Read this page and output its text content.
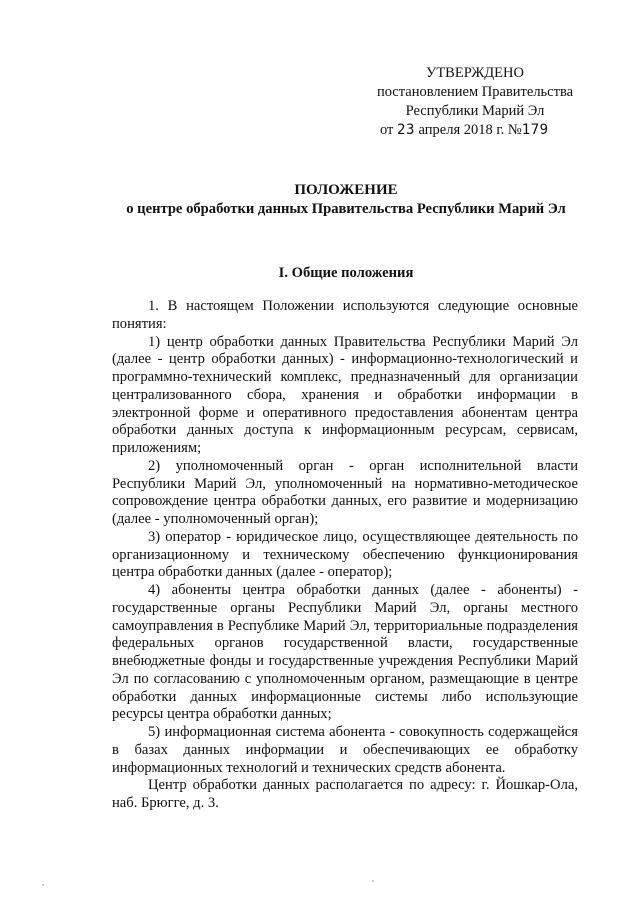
УТВЕРЖДЕНО
постановлением Правительства
Республики Марий Эл
от 23 апреля 2018 г. №179
ПОЛОЖЕНИЕ
о центре обработки данных Правительства Республики Марий Эл
I. Общие положения

1. В настоящем Положении используются следующие основные понятия:

1) центр обработки данных Правительства Республики Марий Эл (далее - центр обработки данных) - информационно-технологический и программно-технический комплекс, предназначенный для организации централизованного сбора, хранения и обработки информации в электронной форме и оперативного предоставления абонентам центра обработки данных доступа к информационным ресурсам, сервисам, приложениям;

2) уполномоченный орган - орган исполнительной власти Республики Марий Эл, уполномоченный на нормативно-методическое сопровождение центра обработки данных, его развитие и модернизацию (далее - уполномоченный орган);

3) оператор - юридическое лицо, осуществляющее деятельность по организационному и техническому обеспечению функционирования центра обработки данных (далее - оператор);

4) абоненты центра обработки данных (далее - абоненты) - государственные органы Республики Марий Эл, органы местного самоуправления в Республике Марий Эл, территориальные подразделения федеральных органов государственной власти, государственные внебюджетные фонды и государственные учреждения Республики Марий Эл по согласованию с уполномоченным органом, размещающие в центре обработки данных информационные системы либо использующие ресурсы центра обработки данных;

5) информационная система абонента - совокупность содержащейся в базах данных информации и обеспечивающих ее обработку информационных технологий и технических средств абонента.

Центр обработки данных располагается по адресу: г. Йошкар-Ола, наб. Брюгге, д. 3.
